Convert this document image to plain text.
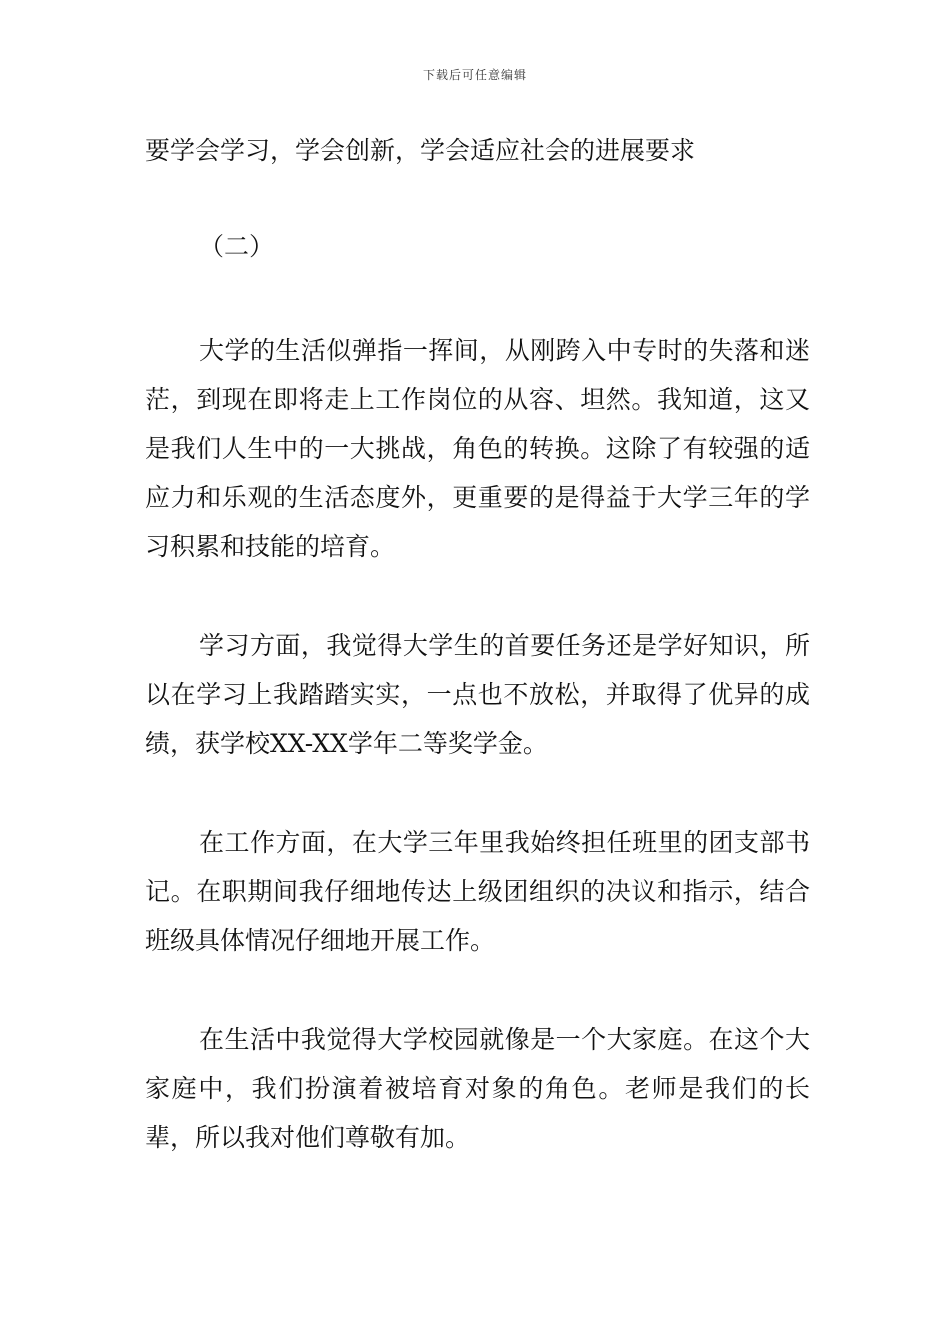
下载后可任意编辑

要学会学习，学会创新，学会适应社会的进展要求

（二）

大学的生活似弹指一挥间，从刚跨入中专时的失落和迷茫，到现在即将走上工作岗位的从容、坦然。我知道，这又是我们人生中的一大挑战，角色的转换。这除了有较强的适应力和乐观的生活态度外，更重要的是得益于大学三年的学习积累和技能的培育。

学习方面，我觉得大学生的首要任务还是学好知识，所以在学习上我踏踏实实，一点也不放松，并取得了优异的成绩，获学校XX-XX学年二等奖学金。

在工作方面，在大学三年里我始终担任班里的团支部书记。在职期间我仔细地传达上级团组织的决议和指示，结合班级具体情况仔细地开展工作。

在生活中我觉得大学校园就像是一个大家庭。在这个大家庭中，我们扮演着被培育对象的角色。老师是我们的长辈，所以我对他们尊敬有加。
